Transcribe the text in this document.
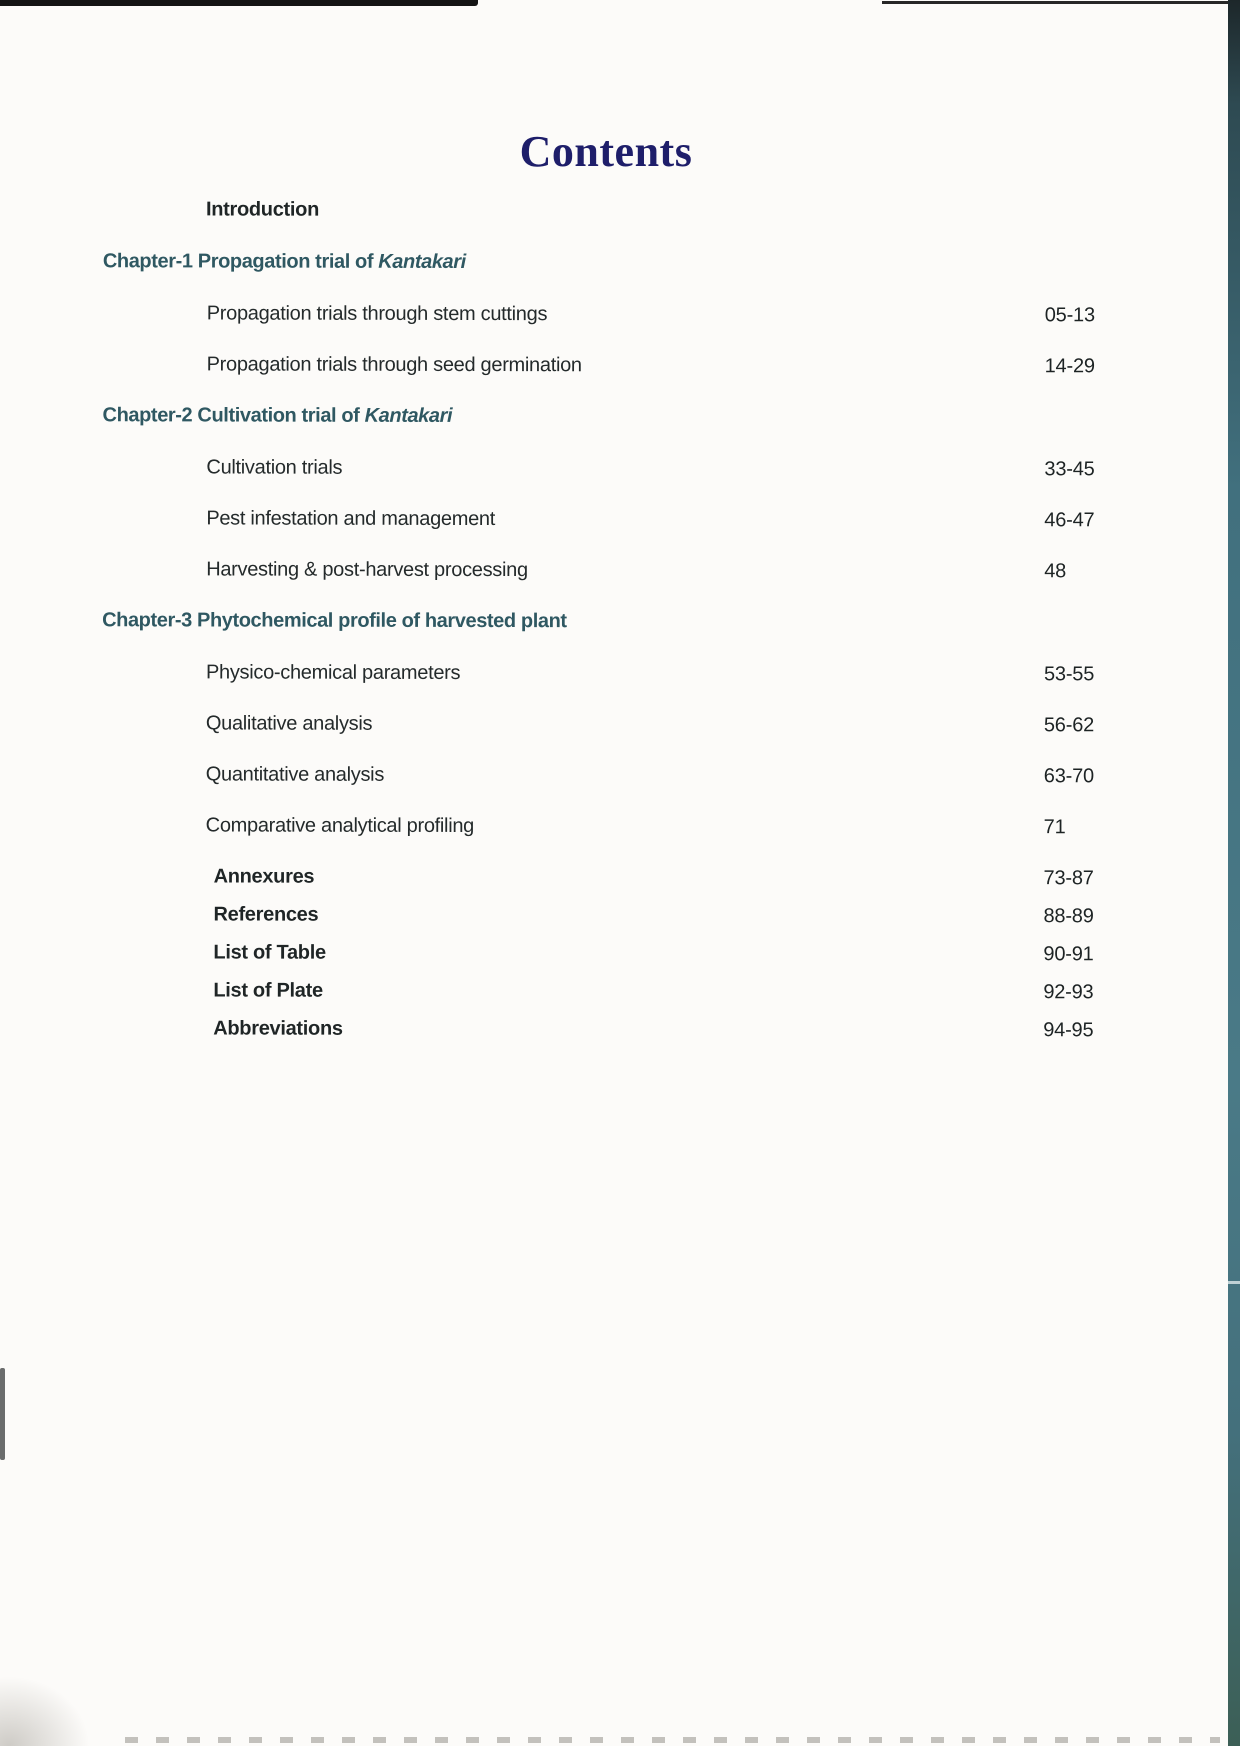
Contents
Introduction
Chapter-1 Propagation trial of Kantakari
Propagation trials through stem cuttings	05-13
Propagation trials through seed germination	14-29
Chapter-2 Cultivation trial of Kantakari
Cultivation trials	33-45
Pest infestation and management	46-47
Harvesting & post-harvest processing	48
Chapter-3 Phytochemical profile of harvested plant
Physico-chemical parameters	53-55
Qualitative analysis	56-62
Quantitative analysis	63-70
Comparative analytical profiling	71
Annexures	73-87
References	88-89
List of Table	90-91
List of Plate	92-93
Abbreviations	94-95
